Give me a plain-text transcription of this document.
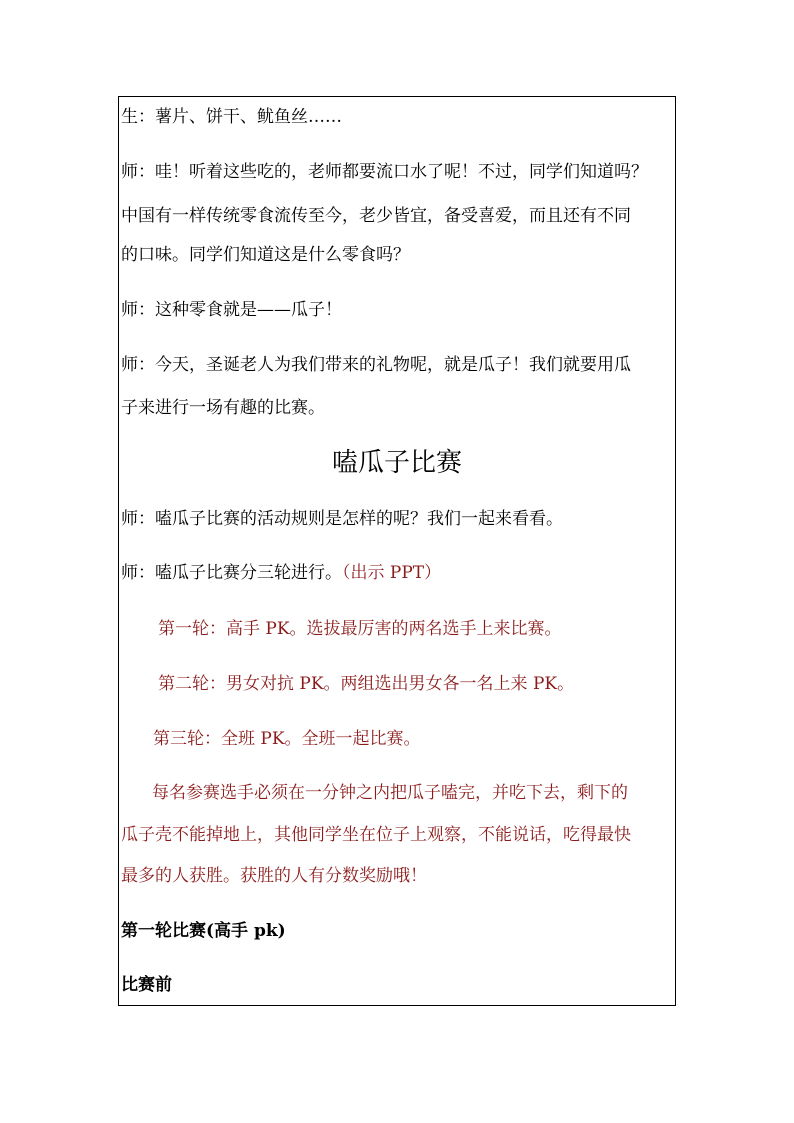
生：薯片、饼干、鱿鱼丝……
师：哇！听着这些吃的，老师都要流口水了呢！不过，同学们知道吗？
中国有一样传统零食流传至今，老少皆宜，备受喜爱，而且还有不同
的口味。同学们知道这是什么零食吗？
师：这种零食就是——瓜子！
师：今天，圣诞老人为我们带来的礼物呢，就是瓜子！我们就要用瓜
子来进行一场有趣的比赛。
嗑瓜子比赛
师：嗑瓜子比赛的活动规则是怎样的呢？我们一起来看看。
师：嗑瓜子比赛分三轮进行。（出示 PPT）
第一轮：高手 PK。选拔最厉害的两名选手上来比赛。
第二轮：男女对抗 PK。两组选出男女各一名上来 PK。
第三轮：全班 PK。全班一起比赛。
每名参赛选手必须在一分钟之内把瓜子嗑完，并吃下去，剩下的
瓜子壳不能掉地上，其他同学坐在位子上观察，不能说话，吃得最快
最多的人获胜。获胜的人有分数奖励哦！
第一轮比赛(高手 pk)
比赛前
